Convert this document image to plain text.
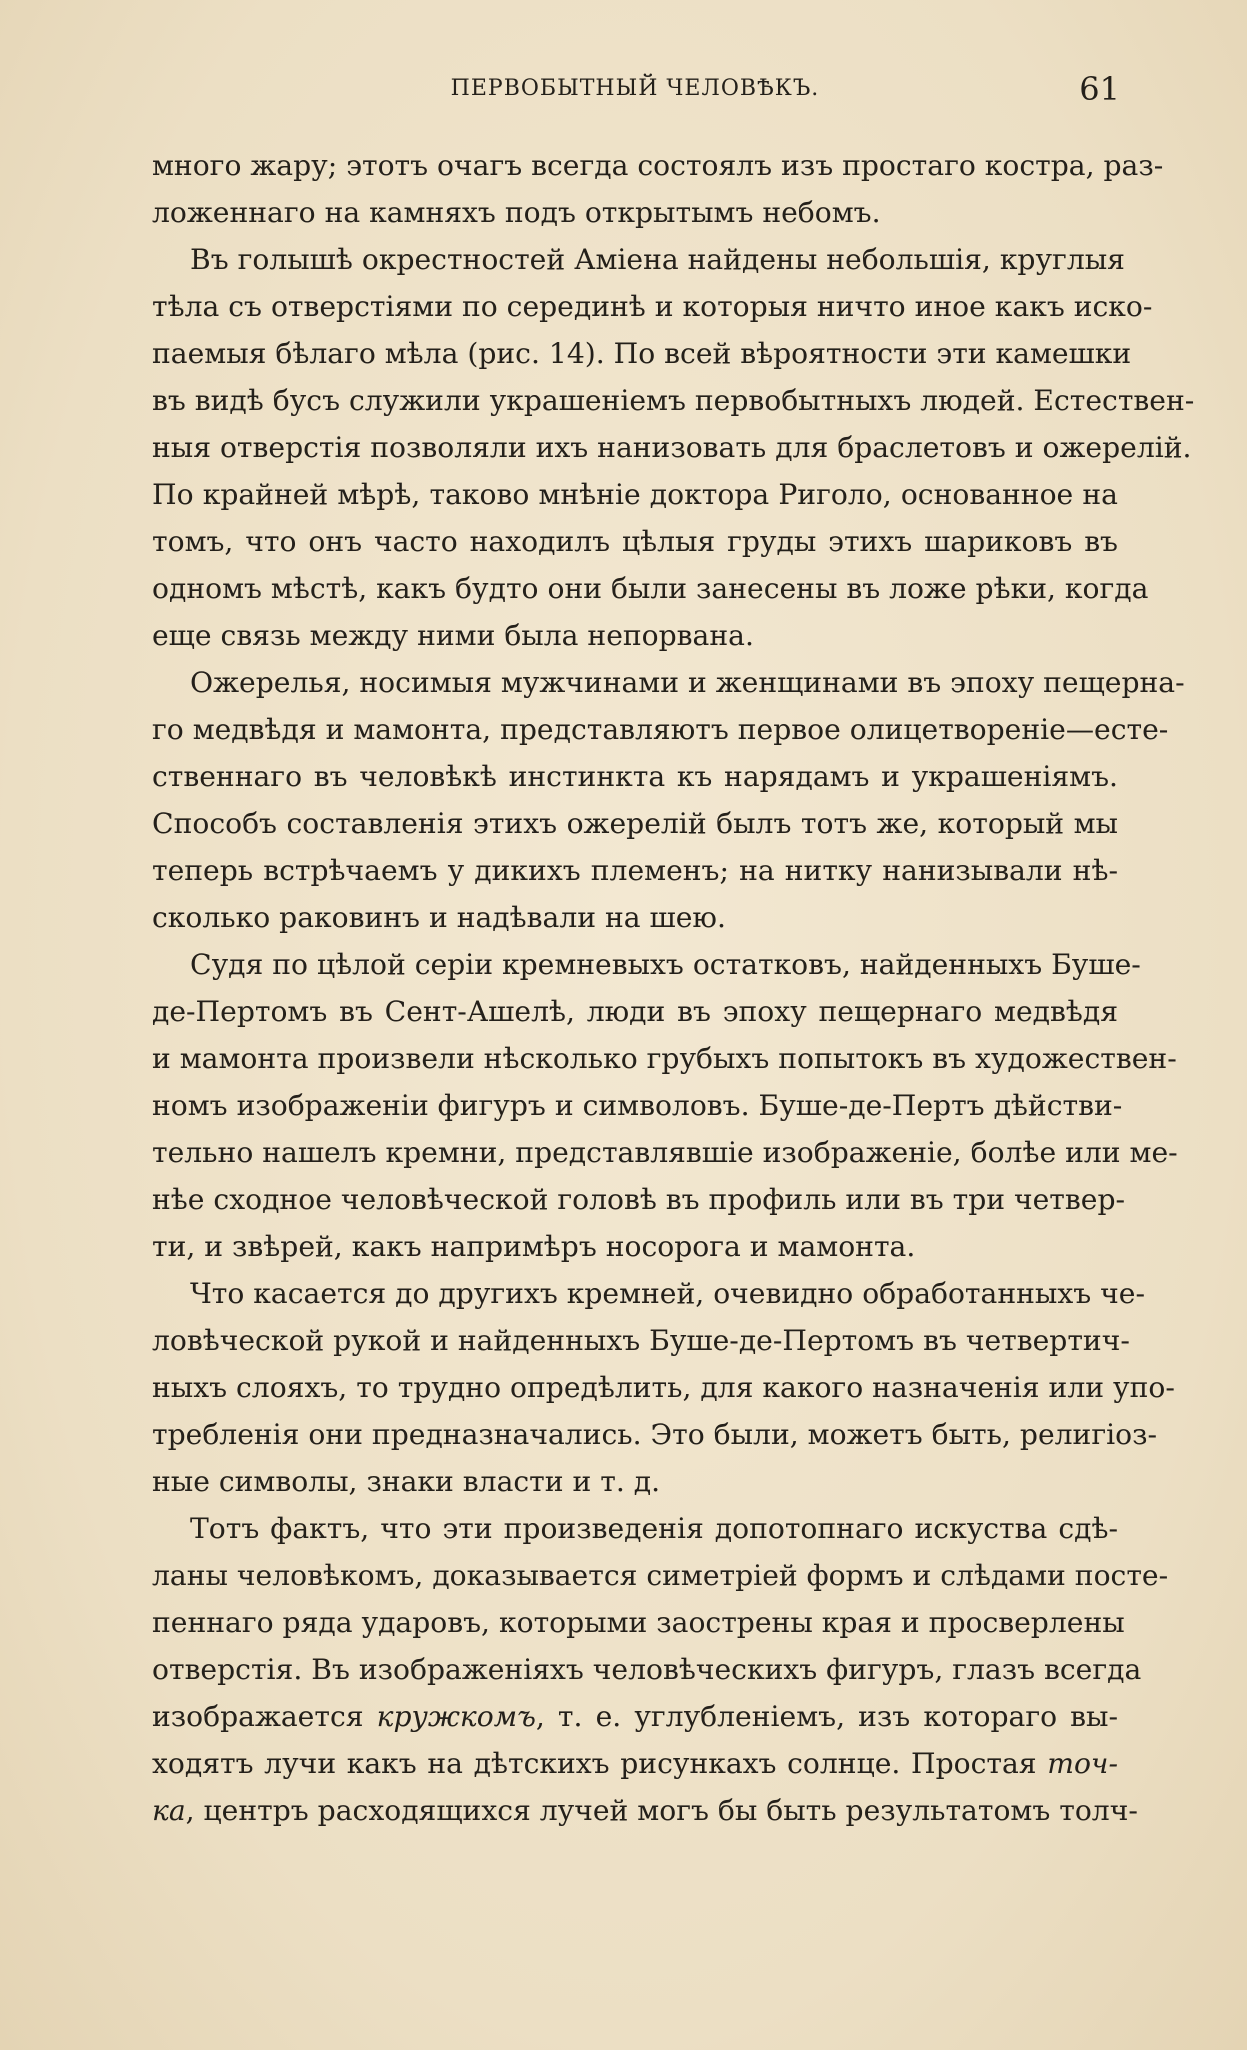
ПЕРВОБЫТНЫЙ ЧЕЛОВѢКЪ.	61
много жару; этотъ очагъ всегда состоялъ изъ простаго костра, раз-
ложеннаго на камняхъ подъ открытымъ небомъ.
Въ голышѣ окрестностей Аміена найдены небольшія, круглыя
тѣла съ отверстіями по серединѣ и которыя ничто иное какъ иско-
паемыя бѣлаго мѣла (рис. 14). По всей вѣроятности эти камешки
въ видѣ бусъ служили украшеніемъ первобытныхъ людей. Естествен-
ныя отверстія позволяли ихъ нанизовать для браслетовъ и ожерелій.
По крайней мѣрѣ, таково мнѣніе доктора Риголо, основанное на
томъ, что онъ часто находилъ цѣлыя груды этихъ шариковъ въ
одномъ мѣстѣ, какъ будто они были занесены въ ложе рѣки, когда
еще связь между ними была непорвана.
Ожерелья, носимыя мужчинами и женщинами въ эпоху пещерна-
го медвѣдя и мамонта, представляютъ первое олицетвореніе—есте-
ственнаго въ человѣкѣ инстинкта къ нарядамъ и украшеніямъ.
Способъ составленія этихъ ожерелій былъ тотъ же, который мы
теперь встрѣчаемъ у дикихъ племенъ; на нитку нанизывали нѣ-
сколько раковинъ и надѣвали на шею.
Судя по цѣлой серіи кремневыхъ остатковъ, найденныхъ Буше-
де-Пертомъ въ Сент-Ашелѣ, люди въ эпоху пещернаго медвѣдя
и мамонта произвели нѣсколько грубыхъ попытокъ въ художествен-
номъ изображеніи фигуръ и символовъ. Буше-де-Пертъ дѣйстви-
тельно нашелъ кремни, представлявшіе изображеніе, болѣе или ме-
нѣе сходное человѣческой головѣ въ профиль или въ три четвер-
ти, и звѣрей, какъ напримѣръ носорога и мамонта.
Что касается до другихъ кремней, очевидно обработанныхъ че-
ловѣческой рукой и найденныхъ Буше-де-Пертомъ въ четвертич-
ныхъ слояхъ, то трудно опредѣлить, для какого назначенія или упо-
требленія они предназначались. Это были, можетъ быть, религіоз-
ные символы, знаки власти и т. д.
Тотъ фактъ, что эти произведенія допотопнаго искуства сдѣ-
ланы человѣкомъ, доказывается симетріей формъ и слѣдами посте-
пеннаго ряда ударовъ, которыми заострены края и просверлены
отверстія. Въ изображеніяхъ человѣческихъ фигуръ, глазъ всегда
изображается кружкомъ, т. е. углубленіемъ, изъ котораго вы-
ходятъ лучи какъ на дѣтскихъ рисункахъ солнце. Простая точ-
ка, центръ расходящихся лучей могъ бы быть результатомъ толч-
